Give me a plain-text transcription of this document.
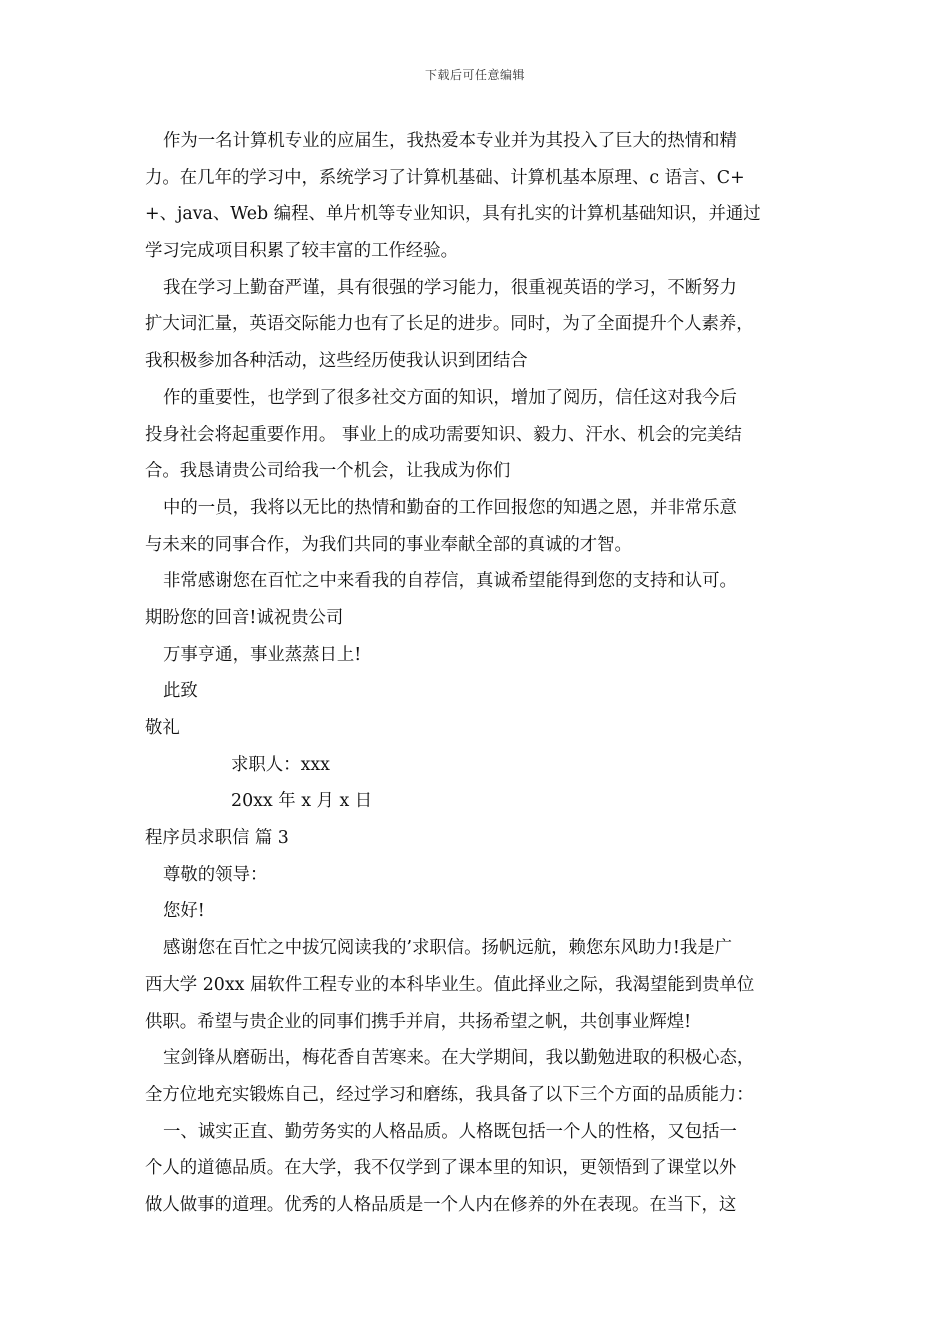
下载后可任意编辑
作为一名计算机专业的应届生，我热爱本专业并为其投入了巨大的热情和精
力。在几年的学习中，系统学习了计算机基础、计算机基本原理、c 语言、C+
+、java、Web 编程、单片机等专业知识，具有扎实的计算机基础知识，并通过
学习完成项目积累了较丰富的工作经验。
我在学习上勤奋严谨，具有很强的学习能力，很重视英语的学习，不断努力
扩大词汇量，英语交际能力也有了长足的进步。同时，为了全面提升个人素养，
我积极参加各种活动，这些经历使我认识到团结合
作的重要性，也学到了很多社交方面的知识，增加了阅历，信任这对我今后
投身社会将起重要作用。 事业上的成功需要知识、毅力、汗水、机会的完美结
合。我恳请贵公司给我一个机会，让我成为你们
中的一员，我将以无比的热情和勤奋的工作回报您的知遇之恩，并非常乐意
与未来的同事合作，为我们共同的事业奉献全部的真诚的才智。
非常感谢您在百忙之中来看我的自荐信，真诚希望能得到您的支持和认可。
期盼您的回音!诚祝贵公司
万事亨通，事业蒸蒸日上!
此致
敬礼
求职人：xxx
20xx 年 x 月 x 日
程序员求职信 篇 3
尊敬的领导：
您好!
感谢您在百忙之中拔冗阅读我的’求职信。扬帆远航，赖您东风助力!我是广
西大学 20xx 届软件工程专业的本科毕业生。值此择业之际，我渴望能到贵单位
供职。希望与贵企业的同事们携手并肩，共扬希望之帆，共创事业辉煌!
宝剑锋从磨砺出，梅花香自苦寒来。在大学期间，我以勤勉进取的积极心态，
全方位地充实锻炼自己，经过学习和磨练，我具备了以下三个方面的品质能力：
一、诚实正直、勤劳务实的人格品质。人格既包括一个人的性格，又包括一
个人的道德品质。在大学，我不仅学到了课本里的知识，更领悟到了课堂以外
做人做事的道理。优秀的人格品质是一个人内在修养的外在表现。在当下，这
